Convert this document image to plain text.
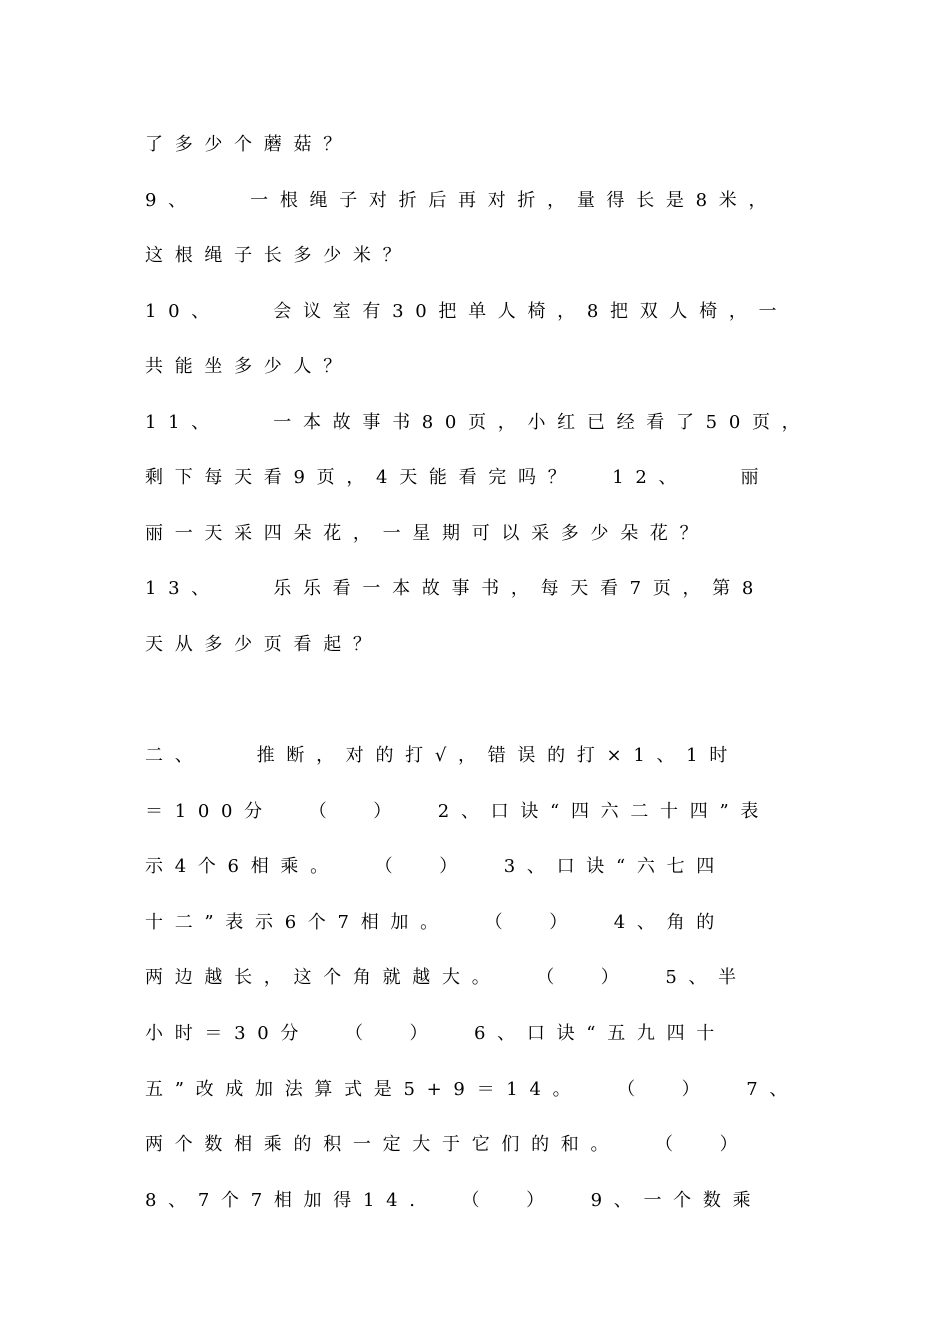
了多少个蘑菇？
9、   一根绳子对折后再对折，量得长是8米，
这根绳子长多少米？
10、   会议室有30把单人椅，8把双人椅，一
共能坐多少人？
11、   一本故事书80页，小红已经看了50页，
剩下每天看9页，4天能看完吗？  12、   丽
丽一天采四朵花，一星期可以采多少朵花？
13、   乐乐看一本故事书，每天看7页，第8
天从多少页看起？
二、   推断，对的打√，错误的打×1、1时
＝100分  （  ）  2、口诀“四六二十四”表
示4个6相乘。  （  ）  3、口诀“六七四
十二”表示6个7相加。  （  ）  4、角的
两边越长，这个角就越大。  （  ）  5、半
小时＝30分  （  ）  6、口诀“五九四十
五”改成加法算式是5+9＝14。  （  ）  7、
两个数相乘的积一定大于它们的和。  （  ）
8、7个7相加得14.  （  ）  9、一个数乘
